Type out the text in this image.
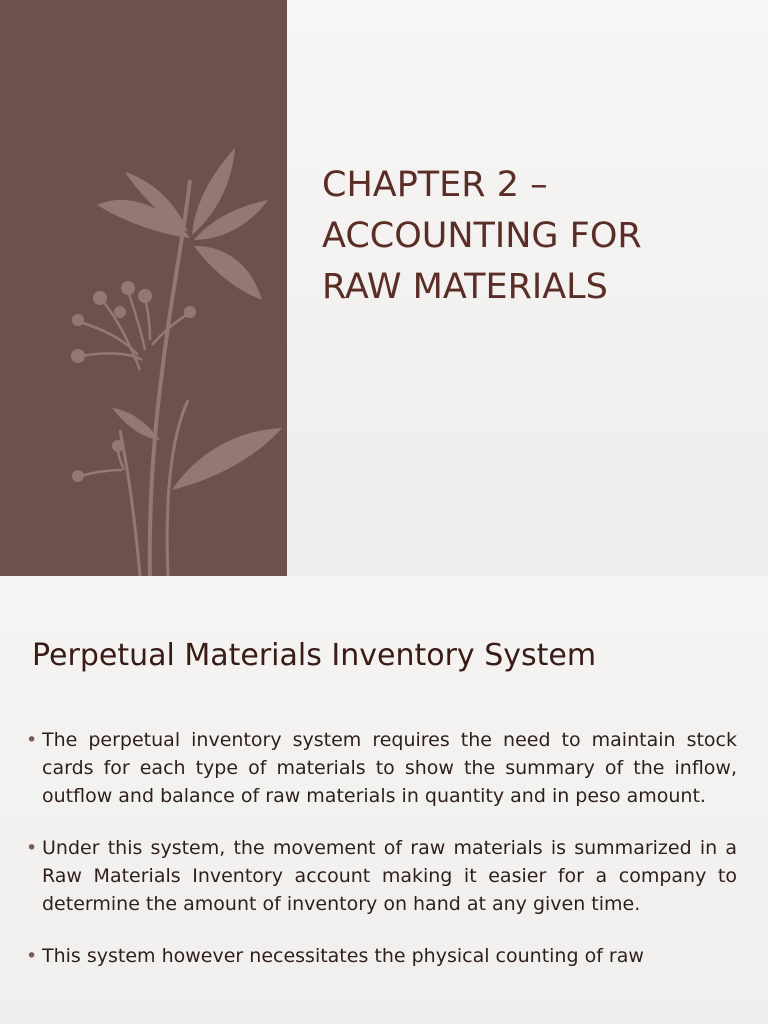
CHAPTER 2 –
ACCOUNTING FOR
RAW MATERIALS
Perpetual Materials Inventory System
• The perpetual inventory system requires the need to maintain stock cards for each type of materials to show the summary of the inflow, outflow and balance of raw materials in quantity and in peso amount.
• Under this system, the movement of raw materials is summarized in a Raw Materials Inventory account making it easier for a company to determine the amount of inventory on hand at any given time.
• This system however necessitates the physical counting of raw
